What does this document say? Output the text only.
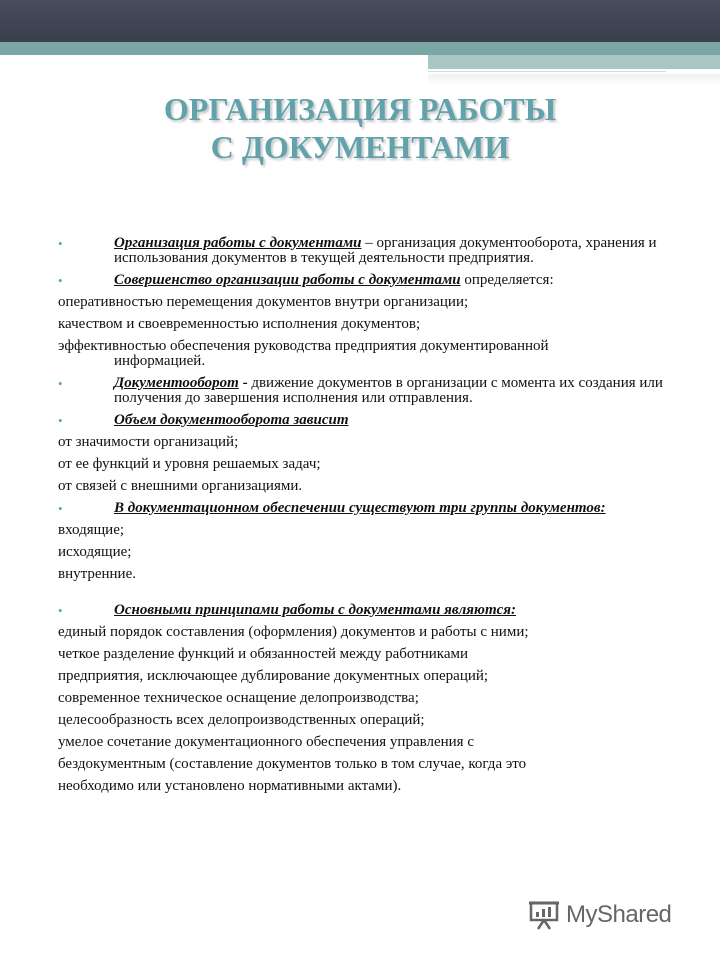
ОРГАНИЗАЦИЯ РАБОТЫ
С ДОКУМЕНТАМИ
•	Организация работы с документами – организация документооборота, хранения и использования документов в текущей деятельности предприятия.
•	Совершенство организации работы с документами определяется:
оперативностью перемещения документов внутри организации;
качеством и своевременностью исполнения документов;
эффективностью обеспечения руководства предприятия документированной
информацией.
•	Документооборот - движение документов в организации с момента их создания или получения до завершения исполнения или отправления.
•	Объем документооборота зависит
от значимости организаций;
от ее функций и уровня решаемых задач;
от связей с внешними организациями.
•	В документационном обеспечении существуют три группы документов:
входящие;
исходящие;
внутренние.
•	Основными принципами работы с документами являются:
единый порядок составления (оформления) документов и работы с ними;
четкое разделение функций и обязанностей между работниками
предприятия, исключающее дублирование документных операций;
современное техническое оснащение делопроизводства;
целесообразность всех делопроизводственных операций;
умелое сочетание документационного обеспечения управления с
бездокументным (составление документов только в том случае, когда это
необходимо или установлено нормативными актами).
MyShared
